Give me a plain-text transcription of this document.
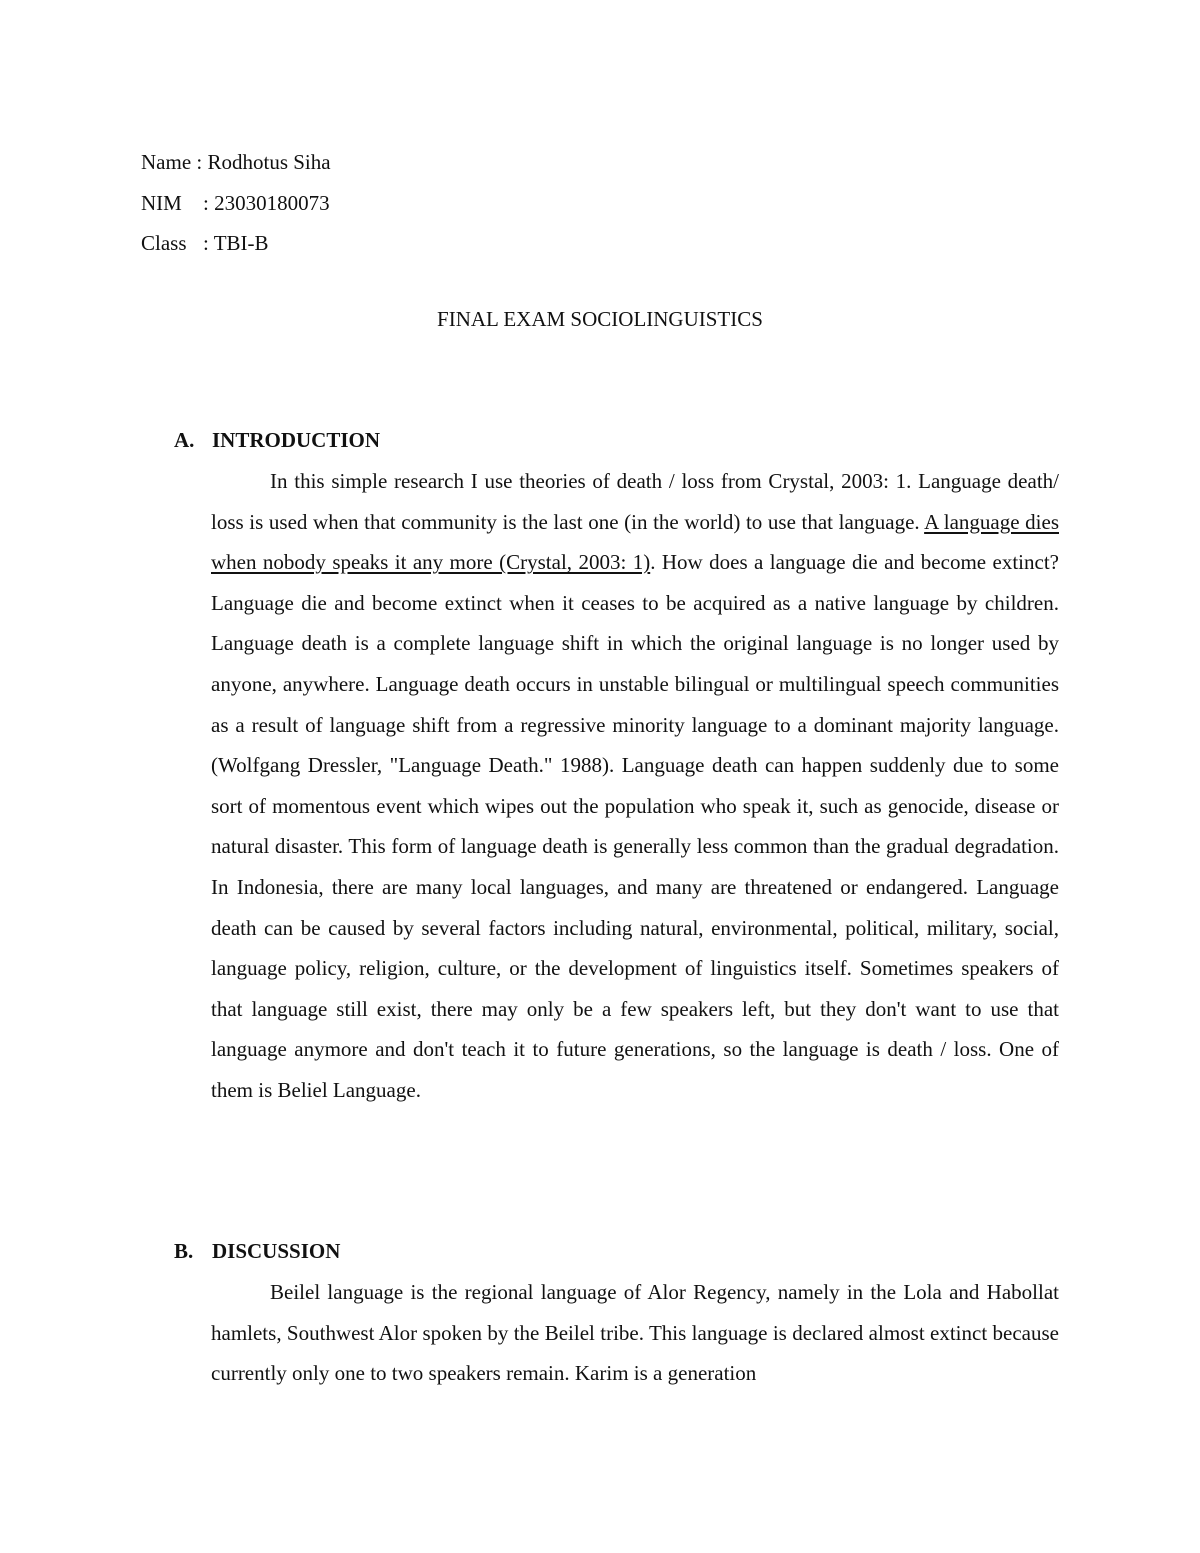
Name
: Rodhotus Siha
NIM	: 23030180073
Class : TBI-B
FINAL EXAM SOCIOLINGUISTICS
A. INTRODUCTION

In this simple research I use theories of death / loss from Crystal, 2003: 1. Language death/ loss is used when that community is the last one (in the world) to use that language. A language dies when nobody speaks it any more (Crystal, 2003: 1). How does a language die and become extinct? Language die and become extinct when it ceases to be acquired as a native language by children. Language death is a complete language shift in which the original language is no longer used by anyone, anywhere. Language death occurs in unstable bilingual or multilingual speech communities as a result of language shift from a regressive minority language to a dominant majority language. (Wolfgang Dressler, "Language Death." 1988). Language death can happen suddenly due to some sort of momentous event which wipes out the population who speak it, such as genocide, disease or natural disaster. This form of language death is generally less common than the gradual degradation. In Indonesia, there are many local languages, and many are threatened or endangered. Language death can be caused by several factors including natural, environmental, political, military, social, language policy, religion, culture, or the development of linguistics itself. Sometimes speakers of that language still exist, there may only be a few speakers left, but they don't want to use that language anymore and don't teach it to future generations, so the language is death / loss. One of them is Beliel Language.

B. DISCUSSION

Beilel language is the regional language of Alor Regency, namely in the Lola and Habollat hamlets, Southwest Alor spoken by the Beilel tribe. This language is declared almost extinct because currently only one to two speakers remain. Karim is a generation
